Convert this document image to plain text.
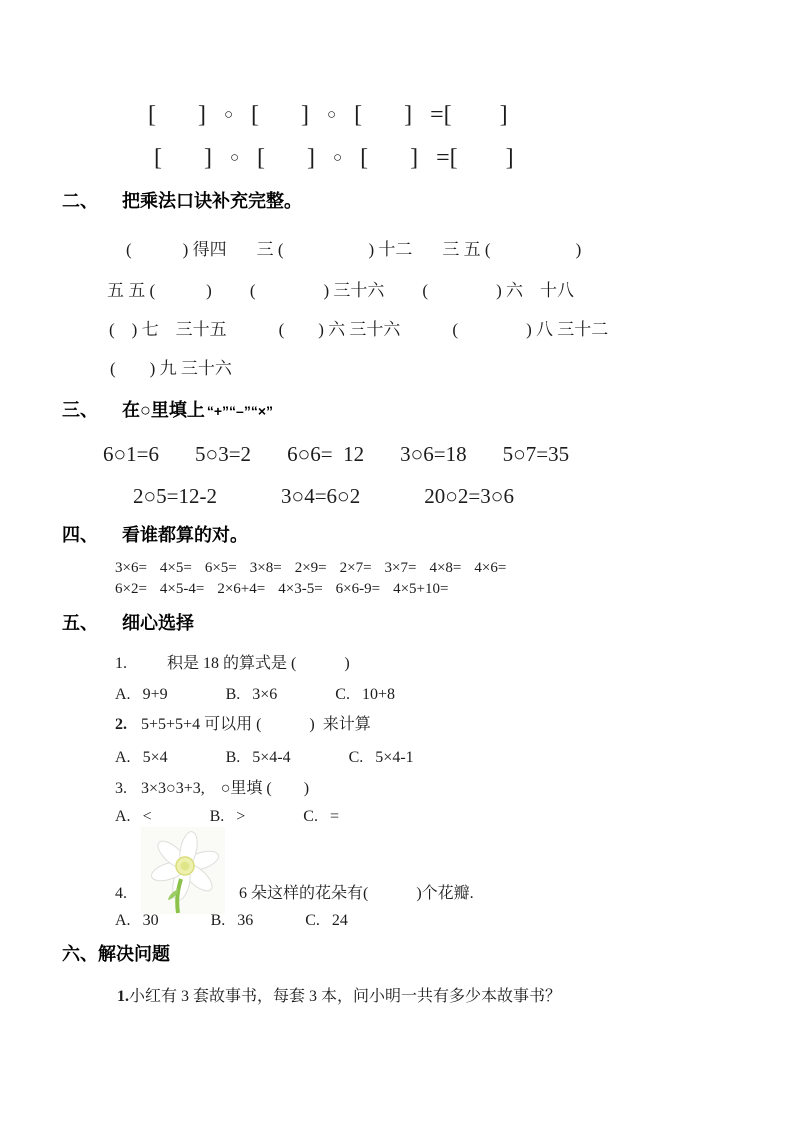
[       ] ○ [       ] ○ [       ] =[        ]
[       ] ○ [       ] ○ [       ] =[        ]
二、 把乘法口诀补充完整。
(　　　) 得四 三 (　　　　　) 十二 三 五 (　　　　　)
五 五 (　　　) (　　　　) 三十六 (　　　　) 六　十八
(　) 七　三十五	(　　) 六 三十六	(　　　　) 八 三十二
(　　) 九 三十六
三、 在○里填上 “+”“–”“×”
6○1=6 5○3=2 6○6=  12 3○6=18 5○7=35
2○5=12-2	3○4=6○2	20○2=3○6
四、 看谁都算的对。
3×6= 4×5= 6×5= 3×8= 2×9= 2×7= 3×7= 4×8= 4×6=
6×2= 4×5-4= 2×6+4= 4×3-5= 6×6-9= 4×5+10=
五、 细心选择
1.	积是 18 的算式是 (　　　)
A. 9+9	B. 3×6	C. 10+8
2. 5+5+5+4 可以用 (　　　)  来计算
A. 5×4	B. 5×4-4	C. 5×4-1
3. 3×3○3+3,　○里填 (　　)
A. <	B. >	C. =
4.	6 朵这样的花朵有(　　　)个花瓣.
A. 30	B. 36	C. 24
六、 解决问题
1. 小红有 3 套故事书，每套 3 本，问小明一共有多少本故事书？
